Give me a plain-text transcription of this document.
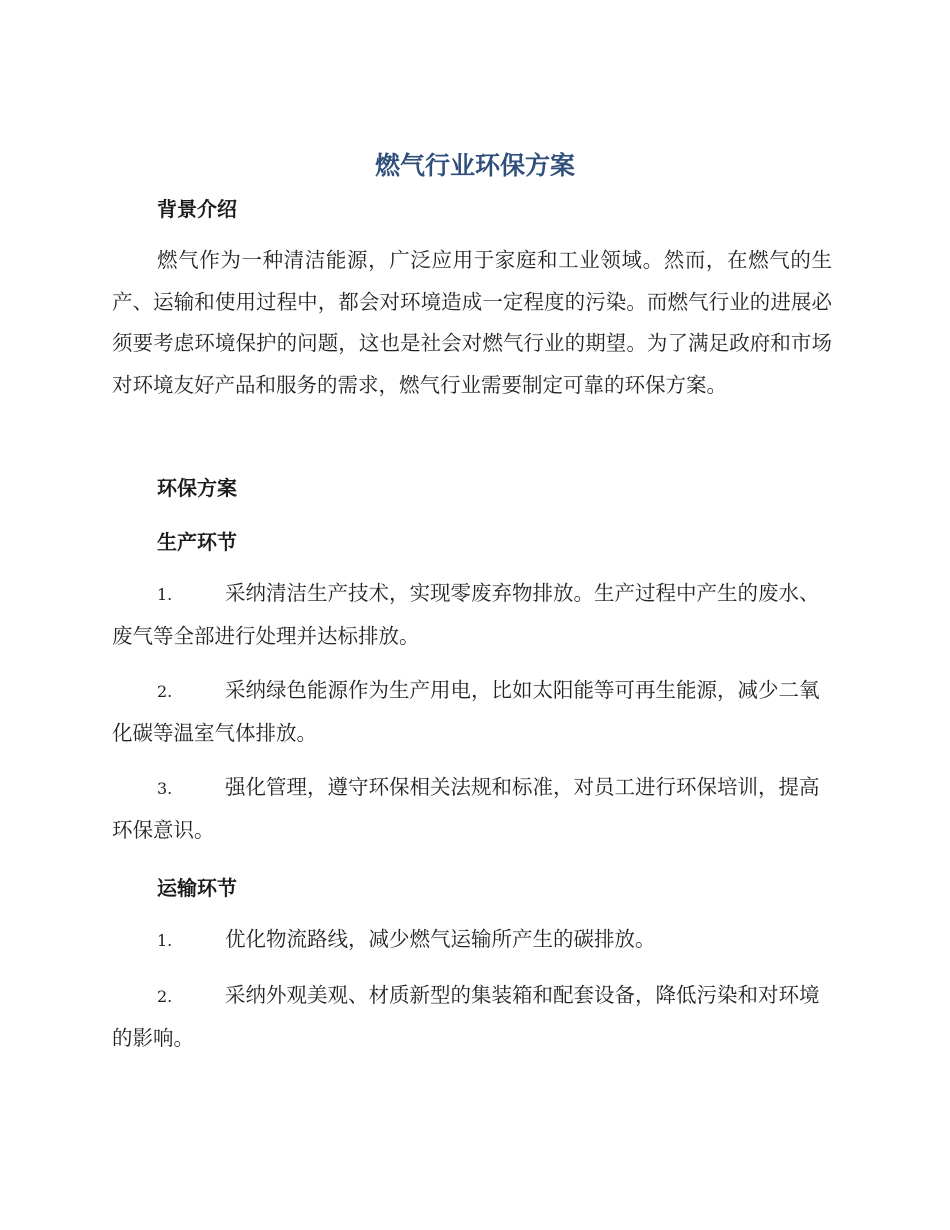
燃气行业环保方案
背景介绍
燃气作为一种清洁能源，广泛应用于家庭和工业领域。然而，在燃气的生产、运输和使用过程中，都会对环境造成一定程度的污染。而燃气行业的进展必须要考虑环境保护的问题，这也是社会对燃气行业的期望。为了满足政府和市场对环境友好产品和服务的需求，燃气行业需要制定可靠的环保方案。
环保方案
生产环节
1.	采纳清洁生产技术，实现零废弃物排放。生产过程中产生的废水、废气等全部进行处理并达标排放。
2.	采纳绿色能源作为生产用电，比如太阳能等可再生能源，减少二氧化碳等温室气体排放。
3.	强化管理，遵守环保相关法规和标准，对员工进行环保培训，提高环保意识。
运输环节
1.	优化物流路线，减少燃气运输所产生的碳排放。
2.	采纳外观美观、材质新型的集装箱和配套设备，降低污染和对环境的影响。
